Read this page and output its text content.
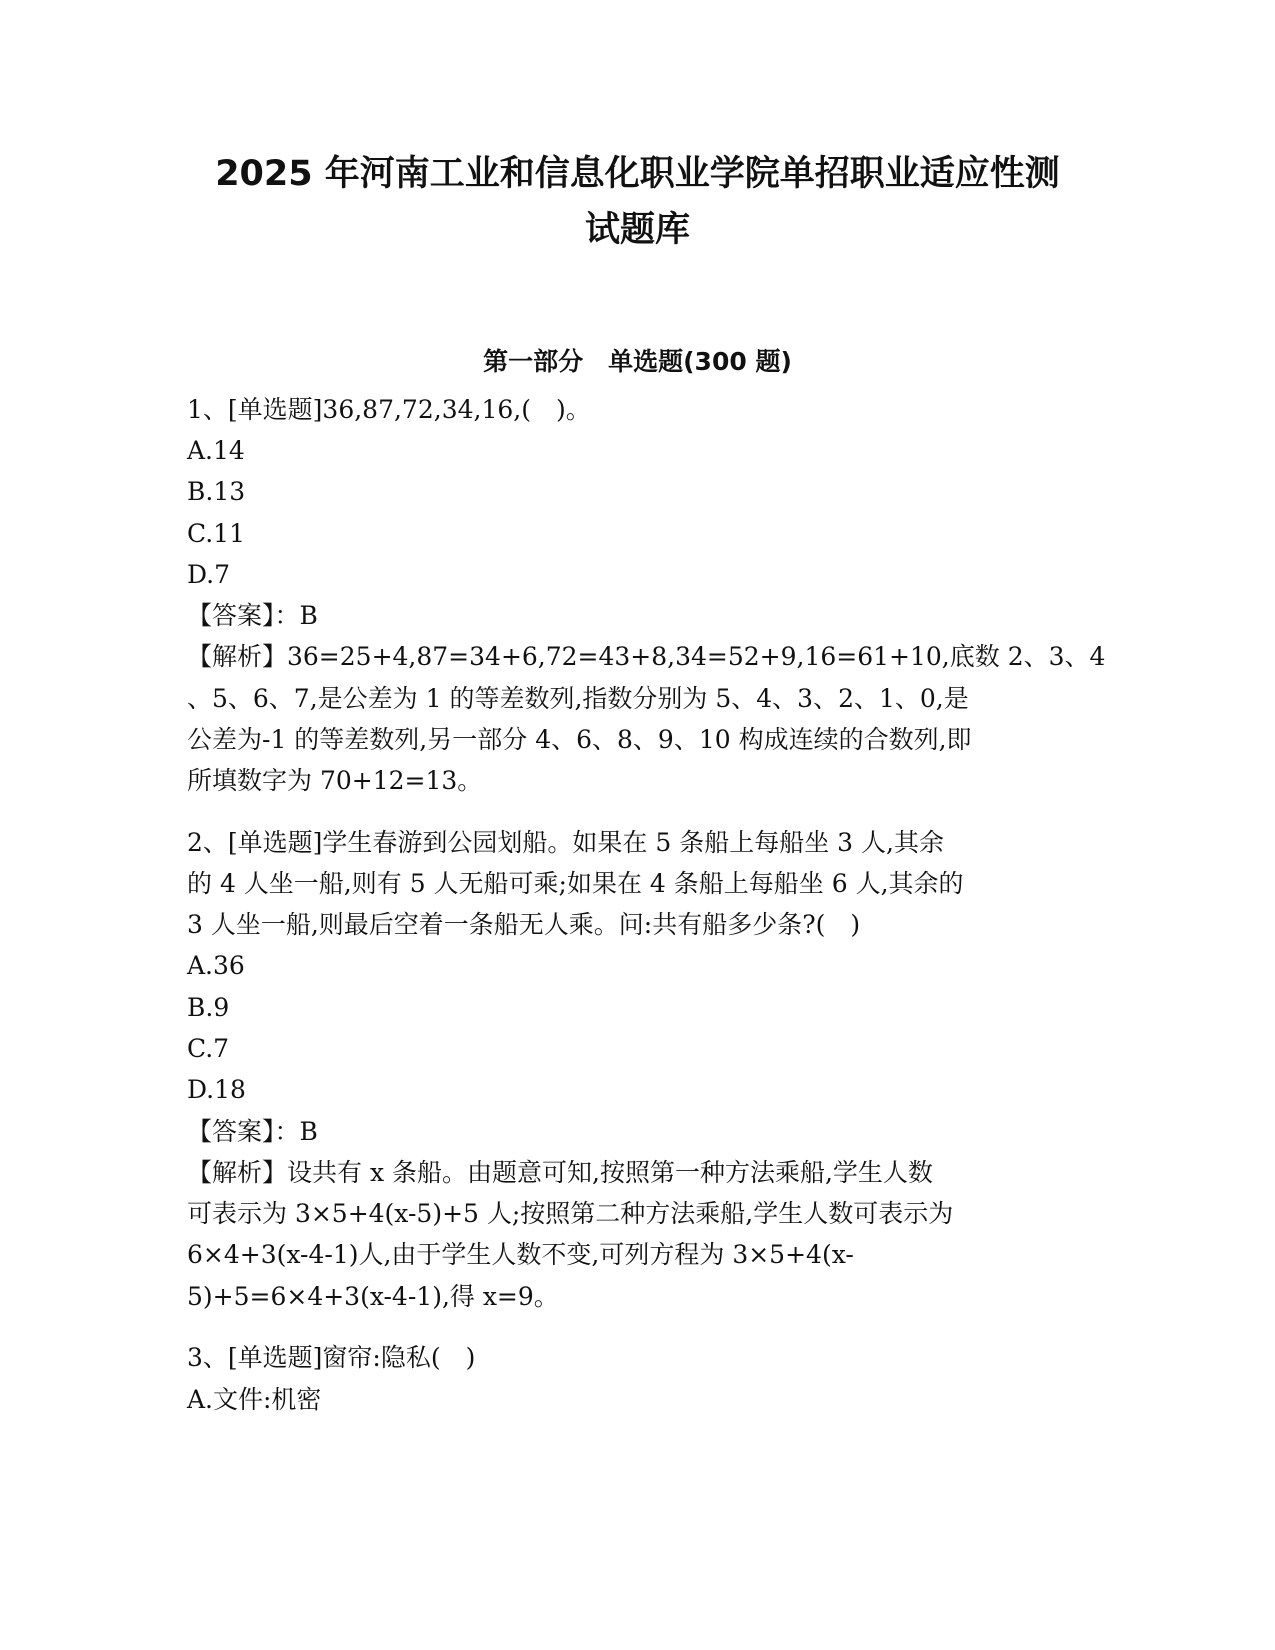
2025 年河南工业和信息化职业学院单招职业适应性测
试题库
第一部分　单选题(300 题)
1、[单选题]36,87,72,34,16,(　)。
A.14
B.13
C.11
D.7
【答案】：B
【解析】36=25+4,87=34+6,72=43+8,34=52+9,16=61+10,底数 2、3、4
、5、6、7,是公差为 1 的等差数列,指数分别为 5、4、3、2、1、0,是
公差为-1 的等差数列,另一部分 4、6、8、9、10 构成连续的合数列,即
所填数字为 70+12=13。
2、[单选题]学生春游到公园划船。如果在 5 条船上每船坐 3 人,其余
的 4 人坐一船,则有 5 人无船可乘;如果在 4 条船上每船坐 6 人,其余的
3 人坐一船,则最后空着一条船无人乘。问:共有船多少条?(　)
A.36
B.9
C.7
D.18
【答案】：B
【解析】设共有 x 条船。由题意可知,按照第一种方法乘船,学生人数
可表示为 3×5+4(x-5)+5 人;按照第二种方法乘船,学生人数可表示为
6×4+3(x-4-1)人,由于学生人数不变,可列方程为 3×5+4(x-
5)+5=6×4+3(x-4-1),得 x=9。
3、[单选题]窗帘:隐私(　)
A.文件:机密
